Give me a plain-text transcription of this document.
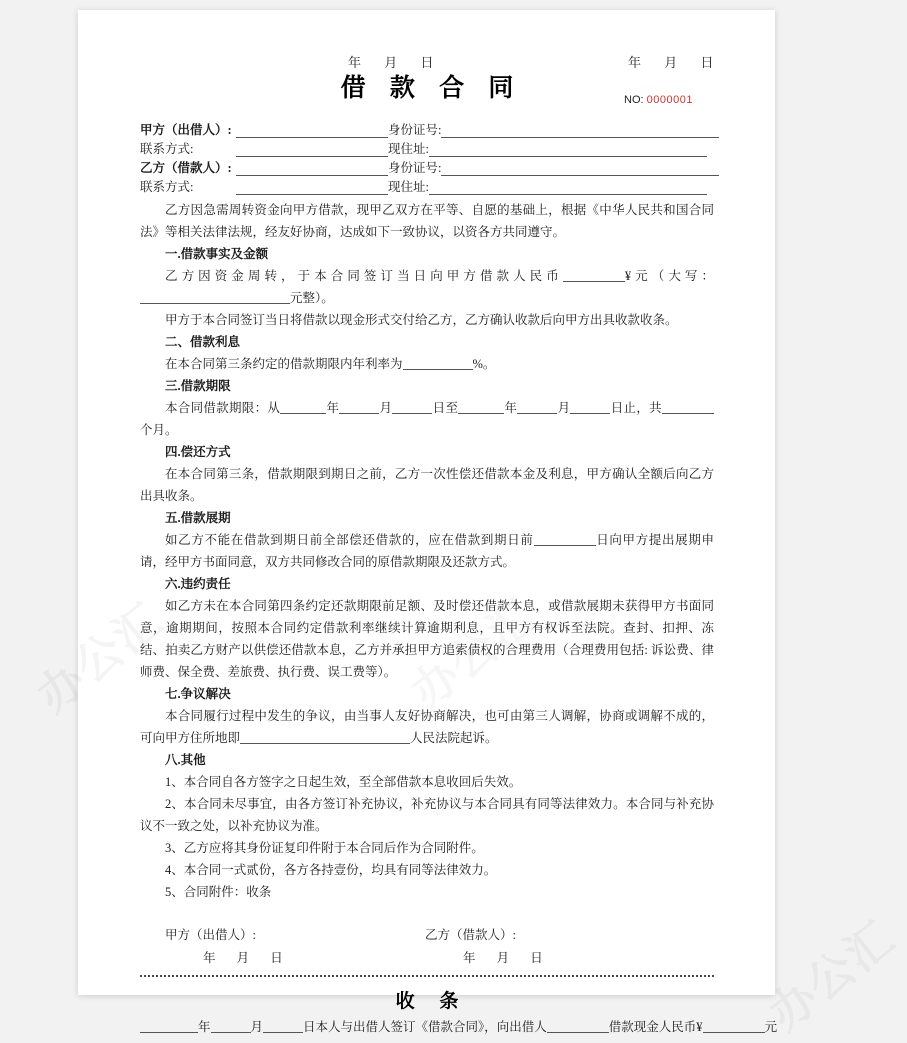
年 月 日	年 月 日
借 款 合 同	NO: 0000001
甲方（出借人）:	身份证号:
联系方式:	现住址:
乙方（借款人）:	身份证号:
联系方式:	现住址:

乙方因急需周转资金向甲方借款，现甲乙双方在平等、自愿的基础上，根据《中华人民共和国合同法》等相关法律法规，经友好协商，达成如下一致协议，以资各方共同遵守。

一.借款事实及金额

乙方因资金周转，于本合同签订当日向甲方借款人民币	¥元（大写：元整）。

甲方于本合同签订当日将借款以现金形式交付给乙方，乙方确认收款后向甲方出具收款收条。

二、借款利息

在本合同第三条约定的借款期限内年利率为	%。

三.借款期限

本合同借款期限：从	年	月	日至	年	月	日止，共个月。

四.偿还方式

在本合同第三条，借款期限到期日之前，乙方一次性偿还借款本金及利息，甲方确认全额后向乙方出具收条。

五.借款展期

如乙方不能在借款到期日前全部偿还借款的，应在借款到期日前	日向甲方提出展期申请，经甲方书面同意，双方共同修改合同的原借款期限及还款方式。

六.违约责任

如乙方未在本合同第四条约定还款期限前足额、及时偿还借款本息，或借款展期未获得甲方书面同意，逾期期间，按照本合同约定借款利率继续计算逾期利息，且甲方有权诉至法院。查封、扣押、冻结、拍卖乙方财产以供偿还借款本息，乙方并承担甲方追索债权的合理费用（合理费用包括: 诉讼费、律师费、保全费、差旅费、执行费、误工费等）。

七.争议解决

本合同履行过程中发生的争议，由当事人友好协商解决，也可由第三人调解，协商或调解不成的，可向甲方住所地即	人民法院起诉。

八.其他

1、本合同自各方签字之日起生效，至全部借款本息收回后失效。

2、本合同未尽事宜，由各方签订补充协议，补充协议与本合同具有同等法律效力。本合同与补充协议不一致之处，以补充协议为准。

3、乙方应将其身份证复印件附于本合同后作为合同附件。

4、本合同一式贰份，各方各持壹份，均具有同等法律效力。

5、合同附件：收条

甲方（出借人）:
年 月 日
乙方（借款人）:
年 月 日
收 条
年	月	日本人与出借人签订《借款合同》，向出借人	借款现金人民币¥	元
